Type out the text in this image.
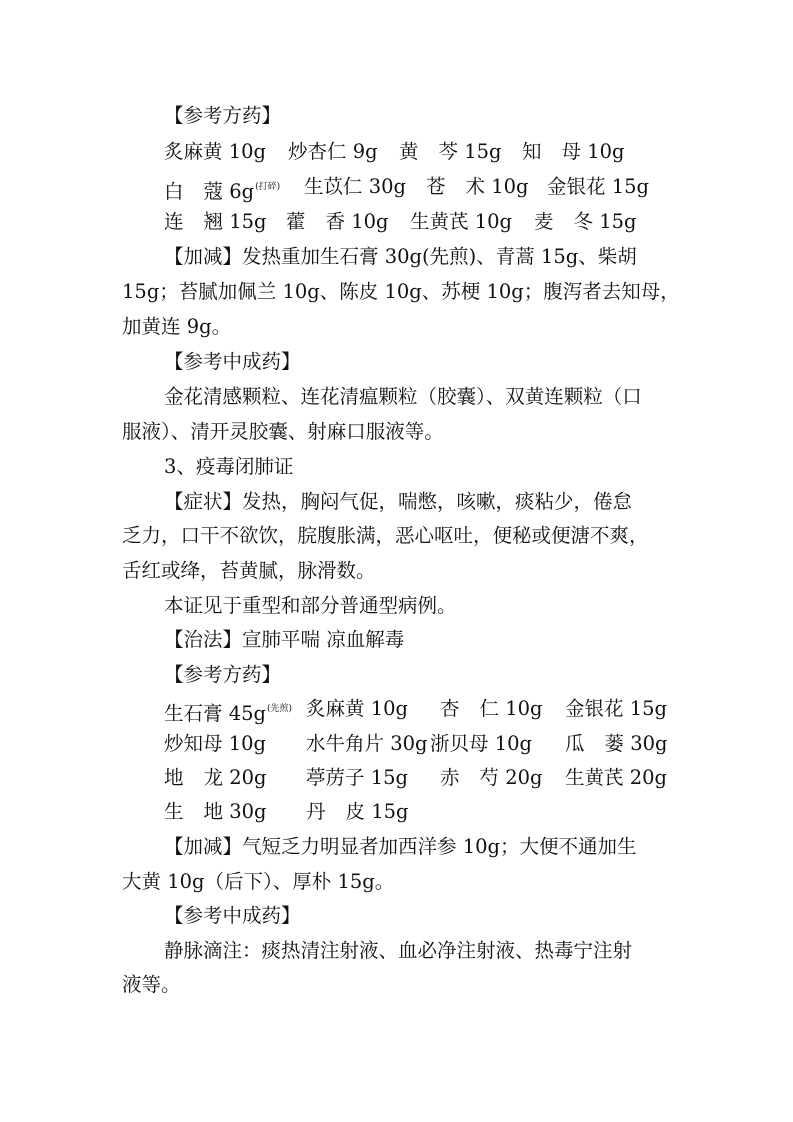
【参考方药】
炙麻黄 10g 炒杏仁 9g 黄 芩 15g 知 母 10g
白 蔻 6g$^{(打碎)}$ 生苡仁 30g 苍 术 10g 金银花 15g
连 翘 15g 藿 香 10g 生黄芪 10g 麦 冬 15g
【加减】发热重加生石膏 30g(先煎)、青蒿 15g、柴胡
15g；苔腻加佩兰 10g、陈皮 10g、苏梗 10g；腹泻者去知母，
加黄连 9g。
【参考中成药】
金花清感颗粒、连花清瘟颗粒（胶囊）、双黄连颗粒（口
服液）、清开灵胶囊、射麻口服液等。
3、疫毒闭肺证
【症状】发热，胸闷气促，喘憋，咳嗽，痰粘少，倦怠
乏力，口干不欲饮，脘腹胀满，恶心呕吐，便秘或便溏不爽，
舌红或绛，苔黄腻，脉滑数。
本证见于重型和部分普通型病例。
【治法】宣肺平喘 凉血解毒
【参考方药】
生石膏 45g$^{(先煎)}$ 炙麻黄 10g 杏 仁 10g 金银花 15g
炒知母 10g 水牛角片 30g 浙贝母 10g 瓜 蒌 30g
地 龙 20g 葶苈子 15g 赤 芍 20g 生黄芪 20g
生 地 30g 丹 皮 15g
【加减】气短乏力明显者加西洋参 10g；大便不通加生
大黄 10g（后下）、厚朴 15g。
【参考中成药】
静脉滴注：痰热清注射液、血必净注射液、热毒宁注射
液等。
